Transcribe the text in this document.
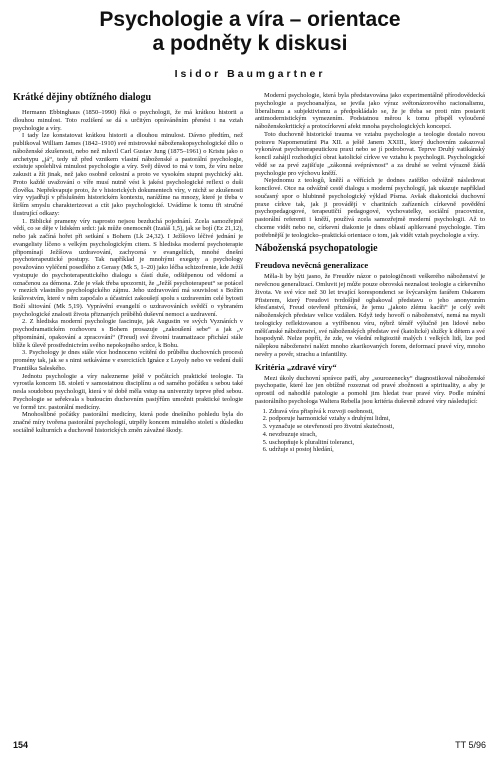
Psychologie a víra – orientace
a podněty k diskusi

Isidor Baumgartner

Krátké dějiny obtížného dialogu

Hermann Ebbinghaus (1850–1990) říká o psychologii, že má krátkou historii a dlouhou minulost. Toto rozlišení se dá s určitým opráváněním přenést i na vztah psychologie a víry.

I tady lze konstatovat krátkou historii a dlouhou minulost. Dávno předtím, než publikoval William James (1842–1910) své mistrovské náboženskopsychologické dílo o náboženské zkušenosti, nebo než mluvil Carl Gustav Jung (1875–1961) o Kristu jako o archetypu „já“, tedy už před vznikem vlastní náboženské a pastorální psychologie, existuje spolehlivá minulost psychologie a víry. Svěj důvod to má v tom, že víru nelze zakusit a žít jinak, než jako osobně celostní a proto ve vysokém stupni psychický akt. Proto každé uvažování o víře musí nutně vést k jakési psychologické reflexi o duši člověka. Nepřekvapuje proto, že v historických dokumentech víry, v nichž se zkušenosti víry vyjadřují v příslušném historickém kontextu, narážíme na mnozy, které je třeba v širším smyslu charakterizovat a ctít jako psychologické. Uvádíme k tomu tři stručné ilustrující odkazy:

1. Biblické prameny víry naprosto nejsou bezduchá pojednání. Zcela samozřejmě vědí, co se děje v lidském srdci: jak může onemocnět (Izaiáš 1,5), jak se bojí (Ez 21,12), nebo jak začíná hořet při setkání s Bohem (Lk 24,32). I Ježíšovo léčivé jednání je evangelisty líčeno s velkým psychologickým citem. S hlediska moderní psychoterapie připomínají Ježíšova uzdravování, zachycená v evangeliích, mnohé dnešní psychoterapeutické postupy. Tak například je mnohými exegety a psychology považováno vyléčení posedlého z Gerasy (Mk 5, 1–20) jako léčba schizofrenie, kde Ježíš vystupuje do psychoterapeutického dialogu s částí duše, odštěpenou od vědomí a označenou za démona. Zde je však třeba upozornit, že „Ježíš psychoterapeut“ se potácel v mezích vlastního psychologického zájmu. Jeho uzdravování má souvislost s Božím královstvím, které v něm započalo a účastníci zakoušejí spolu s uzdravením celé bytosti Boží slitování (Mk 5,19). Vyprávění evangelií o uzdravováních svědčí o vybraném psychologické znalosti života přiznaných průběhů duševní nemoci a uzdravení.

2. Z hlediska moderní psychologie fascinuje, jak Augustin ve svých Vyznáních v psychodramatickém rozhovoru s Bohem prosazuje „zakoušení sebe“ a jak „v připomínání, opakování a zpracování“ (Freud) své životní traumatizace přichází stále blíže k úlevě prostřednictvím svého nepokojného srdce, k Bohu.

3. Psychology je dnes stále více hodnoceno vcítění do průběhu duchovních procesů promény tak, jak se s nimi setkáváme v exerciciích Ignáce z Loyoly nebo ve vedení duší Františka Saleského.

Jednotu psychologie a víry nalezneme ještě v počátcích praktické teologie. Ta vyrostla koncem 18. století v samostatnou disciplínu a od samého počátku s sebou také nesla soudobou psychologii, která v té době měla vstup na univerzity teprve před sebou. Psychologie se seřekvala s budoucím duchovním pastýřům umožnit praktické teologie ve formě tzv. pastorální medicíny.

Mnohoslibné počátky pastorální medicíny, která pode dnešního pohledu byla do značné míry tvořena pastorální psychologií, utrpěly koncem minulého století s důsledku sociálně kulturních a duchovně historických změn závažné škody.

Moderní psychologie, která byla představována jako experimentálně přírodovědecká psychologie a psychoanalýza, se jevila jako výraz světonázorového racionalismu, liberalismu a subjektivismu a předpokládalo se, že je třeba se proti nim postavit antimodernistickým vymezením. Podstatnou měrou k tomu přispěl vyloučené náboženskokritický a protocírkevní afekt mnoha psychologických koncepcí.

Toto duchovně historické trauma ve vztahu psychologie a teologie dostalo novou potravu Napomenutími Pia XII. a ještě Janem XXIII., který duchovním zakazoval vykonávat psychoterapeutickou praxi nebo se jí podrobovat. Teprve Druhý vatikánský koncil zahájil rozhodující obrat katolické církve ve vztahu k psychologii. Psychologické vědě se za prvé zajišťuje „zákonná svéprávnost“ a za druhé se velmi výrazně žádá psychologie pro výchovu kněží.

Nejednomu z teologů, kněží a věřících je dodnes zatěžko odvážně následovat koncilové. Otce na odvážně cestě dialogu s moderní psychologií, jak ukazuje například současný spor o hlubinně psychologický výklad Písma. Avšak diakonická duchovní praxe církve tak, jak ji provádějí v charitních zařízeních církevně povědění psychopedagogové, terapeutičtí pedagogové, vychovatelky, sociální pracovnice, pastorální referenti i kněží, používá zcela samozřejmě moderní psychologii. Až to chceme vidět nebo ne, církevní diakonie je dnes oblastí aplikované psychologie. Tím potřebnější je teologicko–praktická orientace o tom, jak vidět vztah psychologie a víry.

Náboženská psychopatologie
Freudova nevěcná generalizace

Měla-li by býti jasno, že Freudův názor o patologičnosti veškerého náboženství je nevěcnou generalizací. Omluvit jej může pouze obrovská neznalost teologie a církevního života. Ve své více než 30 let trvající korespondenci se švýcarským farářem Oskarem Pfisterem, který Freudovi tvrdošíjně ogbakoval představu o jeho anonymním křesťanství, Freud otevřeně přiznává, že jemu „jakoto zlému kacíři“ je celý svět náboženských představ velice vzdálen. Když tedy hovoří o náboženství, nemá na mysli teologicky reflektovanou a vytříbenou víru, nýbrž téměř výlučně jen lidové nebo měšťanské náboženství, své náboženských představ své (katolické) služky k dětem a své hospodyně. Nelze popřít, že zde, ve všední religiozitě malých i velkých lidí, lze pod nálepkou náboženství nalézt mnoho zkarikovaných forem, deformací pravé víry, mnoho nevěry a pověr, strachu a infantility.

Kritéria „zdravé víry“

Mezi úkoly duchovní správce patří, aby „sourozenecky“ diagnostikoval náboženské psychopatie, které lze jen obtížně rozeznat od pravé zbožnosti a spirituality, a aby je oprostil od nahodilé patologie a pomohl jim hledat tvar pravé víry. Podle mínění pastorálního psychologa Waltera Rebella jsou kritéria duševně zdravé víry následující:

1. Zdravá víra přispívá k rozvoji osobnosti,
2. podporuje harmonické vztahy s druhými lidmi,
3. vyznačuje se otevřeností pro životní skutečnosti,
4. nevzbuzuje strach,
5. uschopňuje k pluralitní toleranci,
6. udržuje si postoj hledání,
154	TT 5/96
